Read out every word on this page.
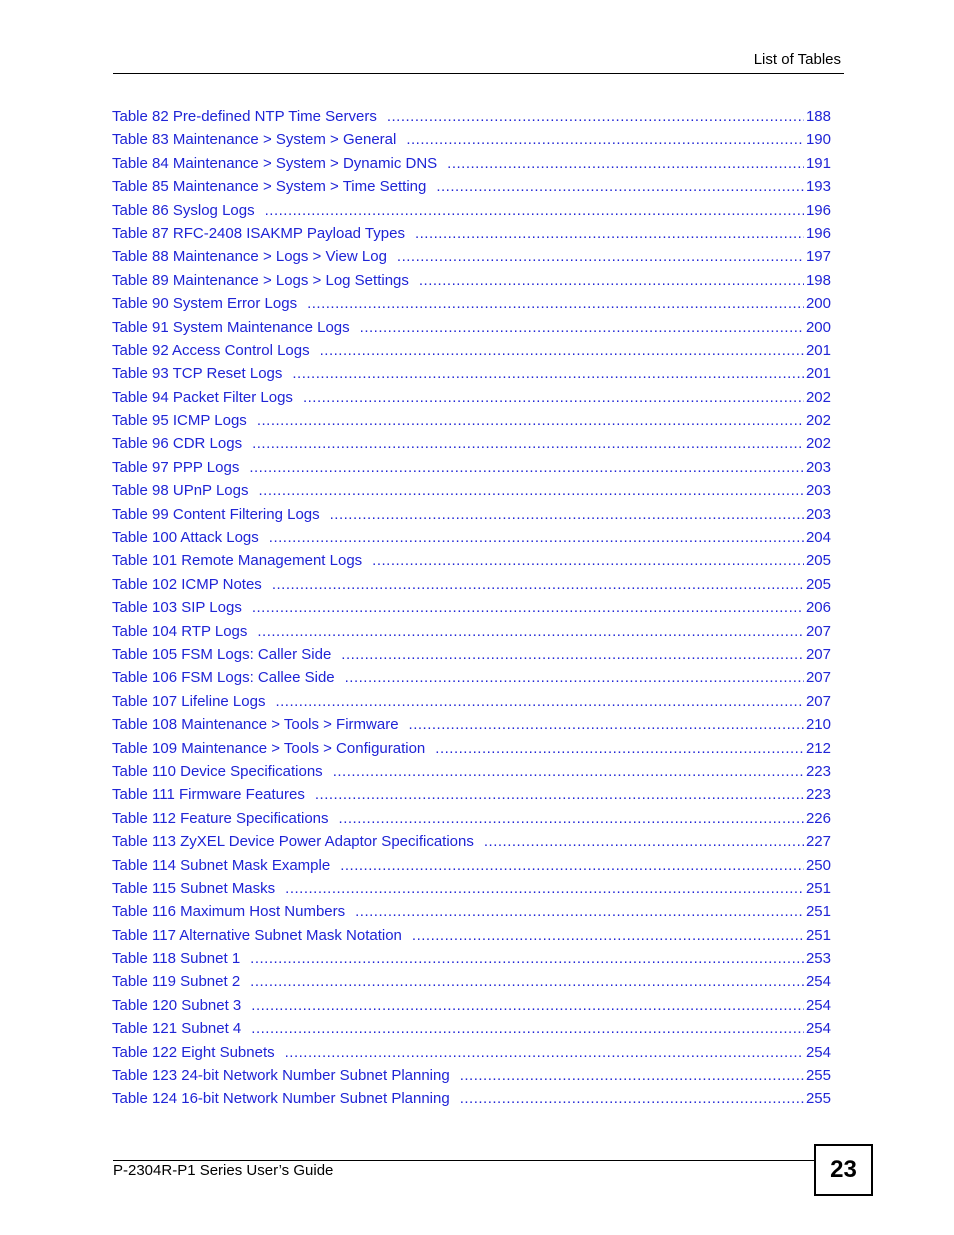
List of Tables
Table 82 Pre-defined NTP Time Servers .....	188
Table 83 Maintenance > System > General .....	190
Table 84 Maintenance > System > Dynamic DNS .....	191
Table 85 Maintenance > System > Time Setting .....	193
Table 86 Syslog Logs .....	196
Table 87 RFC-2408 ISAKMP Payload Types .....	196
Table 88 Maintenance > Logs > View Log .....	197
Table 89 Maintenance > Logs > Log Settings .....	198
Table 90 System Error Logs .....	200
Table 91 System Maintenance Logs .....	200
Table 92 Access Control Logs .....	201
Table 93 TCP Reset Logs .....	201
Table 94 Packet Filter Logs .....	202
Table 95 ICMP Logs .....	202
Table 96 CDR Logs .....	202
Table 97 PPP Logs .....	203
Table 98 UPnP Logs .....	203
Table 99 Content Filtering Logs .....	203
Table 100 Attack Logs .....	204
Table 101 Remote Management Logs .....	205
Table 102 ICMP Notes .....	205
Table 103 SIP Logs .....	206
Table 104 RTP Logs .....	207
Table 105 FSM Logs: Caller Side .....	207
Table 106 FSM Logs: Callee Side .....	207
Table 107 Lifeline Logs .....	207
Table 108 Maintenance > Tools > Firmware .....	210
Table 109 Maintenance > Tools > Configuration .....	212
Table 110 Device Specifications .....	223
Table 111 Firmware Features .....	223
Table 112 Feature Specifications .....	226
Table 113 ZyXEL Device Power Adaptor Specifications .....	227
Table 114 Subnet Mask Example .....	250
Table 115 Subnet Masks .....	251
Table 116 Maximum Host Numbers .....	251
Table 117 Alternative Subnet Mask Notation .....	251
Table 118 Subnet 1 .....	253
Table 119 Subnet 2 .....	254
Table 120 Subnet 3 .....	254
Table 121 Subnet 4 .....	254
Table 122 Eight Subnets .....	254
Table 123 24-bit Network Number Subnet Planning .....	255
Table 124 16-bit Network Number Subnet Planning .....	255
P-2304R-P1 Series User’s Guide	23
